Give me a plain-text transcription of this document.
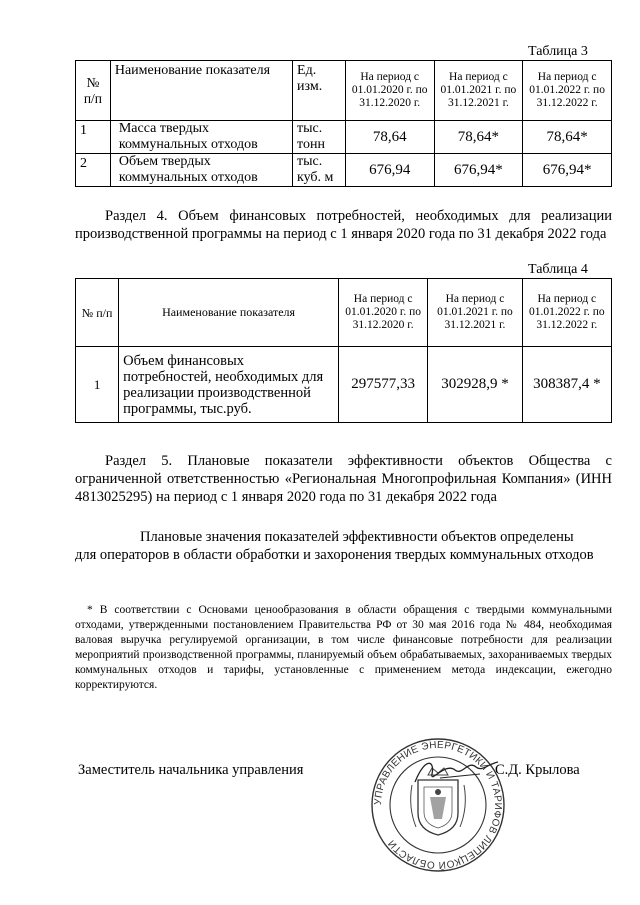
Таблица 3
№ п/п	Наименование показателя	Ед. изм.	На период с 01.01.2020 г. по 31.12.2020 г.	На период с 01.01.2021 г. по 31.12.2021 г.	На период с 01.01.2022 г. по 31.12.2022 г.
1	Масса твердых коммунальных отходов	тыс. тонн	78,64	78,64*	78,64*
2	Объем твердых коммунальных отходов	тыс. куб. м	676,94	676,94*	676,94*
Раздел 4. Объем финансовых потребностей, необходимых для реализации производственной программы на период с 1 января 2020 года по 31 декабря 2022 года
Таблица 4
№ п/п	Наименование показателя	На период с 01.01.2020 г. по 31.12.2020 г.	На период с 01.01.2021 г. по 31.12.2021 г.	На период с 01.01.2022 г. по 31.12.2022 г.
1	Объем финансовых потребностей, необходимых для реализации производственной программы, тыс.руб.	297577,33	302928,9 *	308387,4 *
Раздел 5. Плановые показатели эффективности объектов Общества с ограниченной ответственностью «Региональная Многопрофильная Компания» (ИНН 4813025295) на период с 1 января 2020 года по 31 декабря 2022 года
Плановые значения показателей эффективности объектов определены для операторов в области обработки и захоронения твердых коммунальных отходов
* В соответствии с Основами ценообразования в области обращения с твердыми коммунальными отходами, утвержденными постановлением Правительства РФ от 30 мая 2016 года № 484, необходимая валовая выручка регулируемой организации, в том числе финансовые потребности для реализации мероприятий производственной программы, планируемый объем обрабатываемых, захораниваемых твердых коммунальных отходов и тарифы, установленные с применением метода индексации, ежегодно корректируются.
Заместитель начальника управления	С.Д. Крылова
УПРАВЛЕНИЕ ЭНЕРГЕТИКИ И ТАРИФОВ ЛИПЕЦКОЙ ОБЛАСТИ
